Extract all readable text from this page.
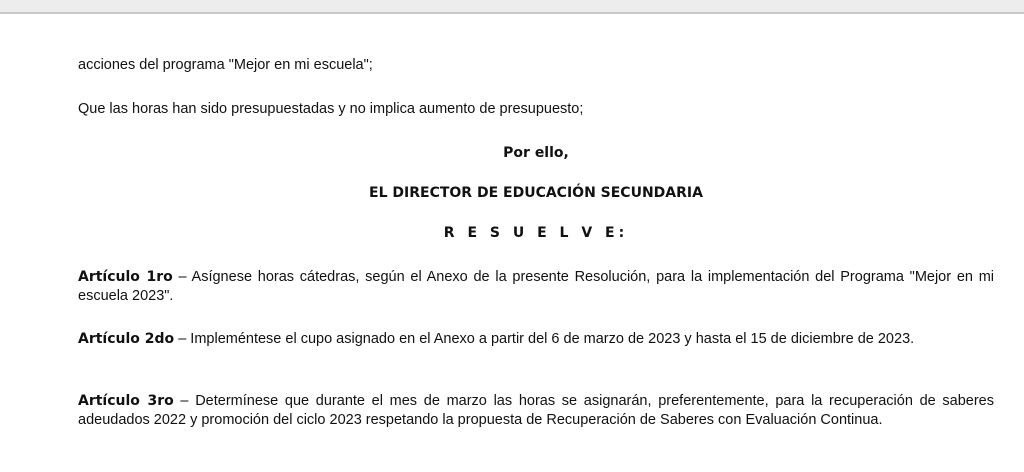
acciones del programa "Mejor en mi escuela";

Que las horas han sido presupuestadas y no implica aumento de presupuesto;

Por ello,
EL DIRECTOR DE EDUCACIÓN SECUNDARIA
R E S U E L V E:

Artículo 1ro – Asígnese horas cátedras, según el Anexo de la presente Resolución, para la implementación del Programa "Mejor en mi escuela 2023".

Artículo 2do – Impleméntese el cupo asignado en el Anexo a partir del 6 de marzo de 2023 y hasta el 15 de diciembre de 2023.

Artículo 3ro – Determínese que durante el mes de marzo las horas se asignarán, preferentemente, para la recuperación de saberes adeudados 2022 y promoción del ciclo 2023 respetando la propuesta de Recuperación de Saberes con Evaluación Continua.
